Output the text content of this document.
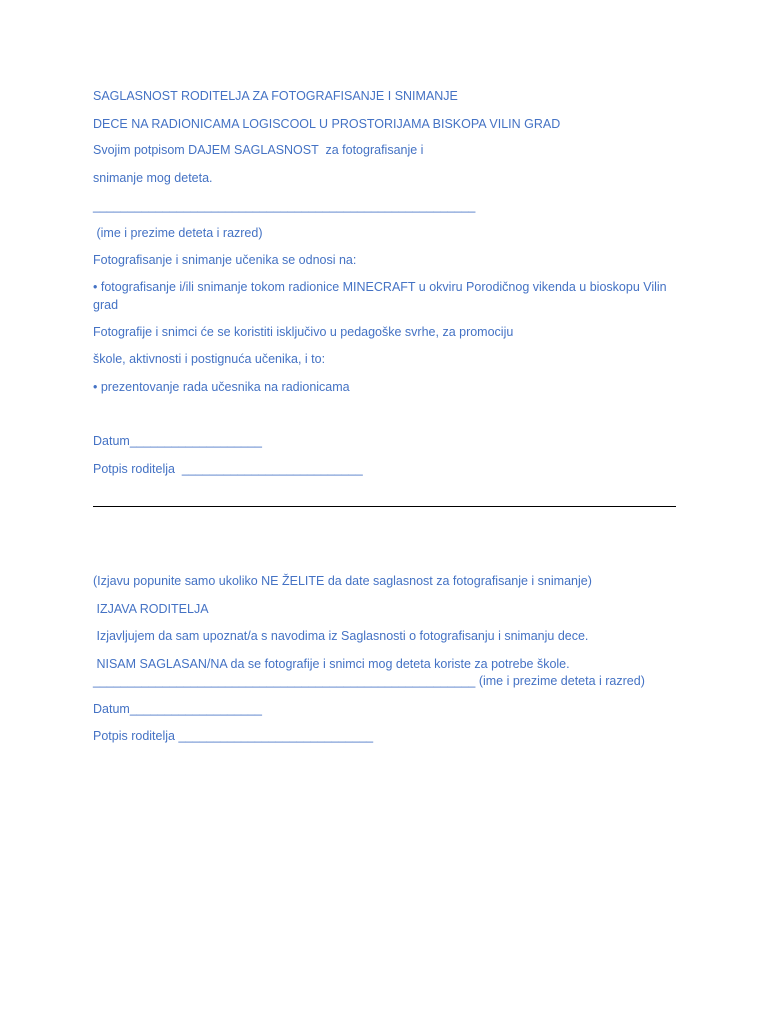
SAGLASNOST RODITELJA ZA FOTOGRAFISANJE I SNIMANJE
DECE NA RADIONICAMA LOGISCOOL U PROSTORIJAMA BISKOPA VILIN GRAD
Svojim potpisom DAJEM SAGLASNOST  za fotografisanje i
snimanje mog deteta.
_______________________________________________________
(ime i prezime deteta i razred)
Fotografisanje i snimanje učenika se odnosi na:
• fotografisanje i/ili snimanje tokom radionice MINECRAFT u okviru Porodičnog vikenda u bioskopu Vilin grad
Fotografije i snimci će se koristiti isključivo u pedagoške svrhe, za promociju
škole, aktivnosti i postignuća učenika, i to:
• prezentovanje rada učesnika na radionicama
Datum___________________
Potpis roditelja  __________________________
(Izjavu popunite samo ukoliko NE ŽELITE da date saglasnost za fotografisanje i snimanje)
IZJAVA RODITELJA
Izjavljujem da sam upoznat/a s navodima iz Saglasnosti o fotografisanju i snimanju dece.
NISAM SAGLASAN/NA da se fotografije i snimci mog deteta koriste za potrebe škole.
_______________________________________________________ (ime i prezime deteta i razred)
Datum___________________
Potpis roditelja ____________________________
